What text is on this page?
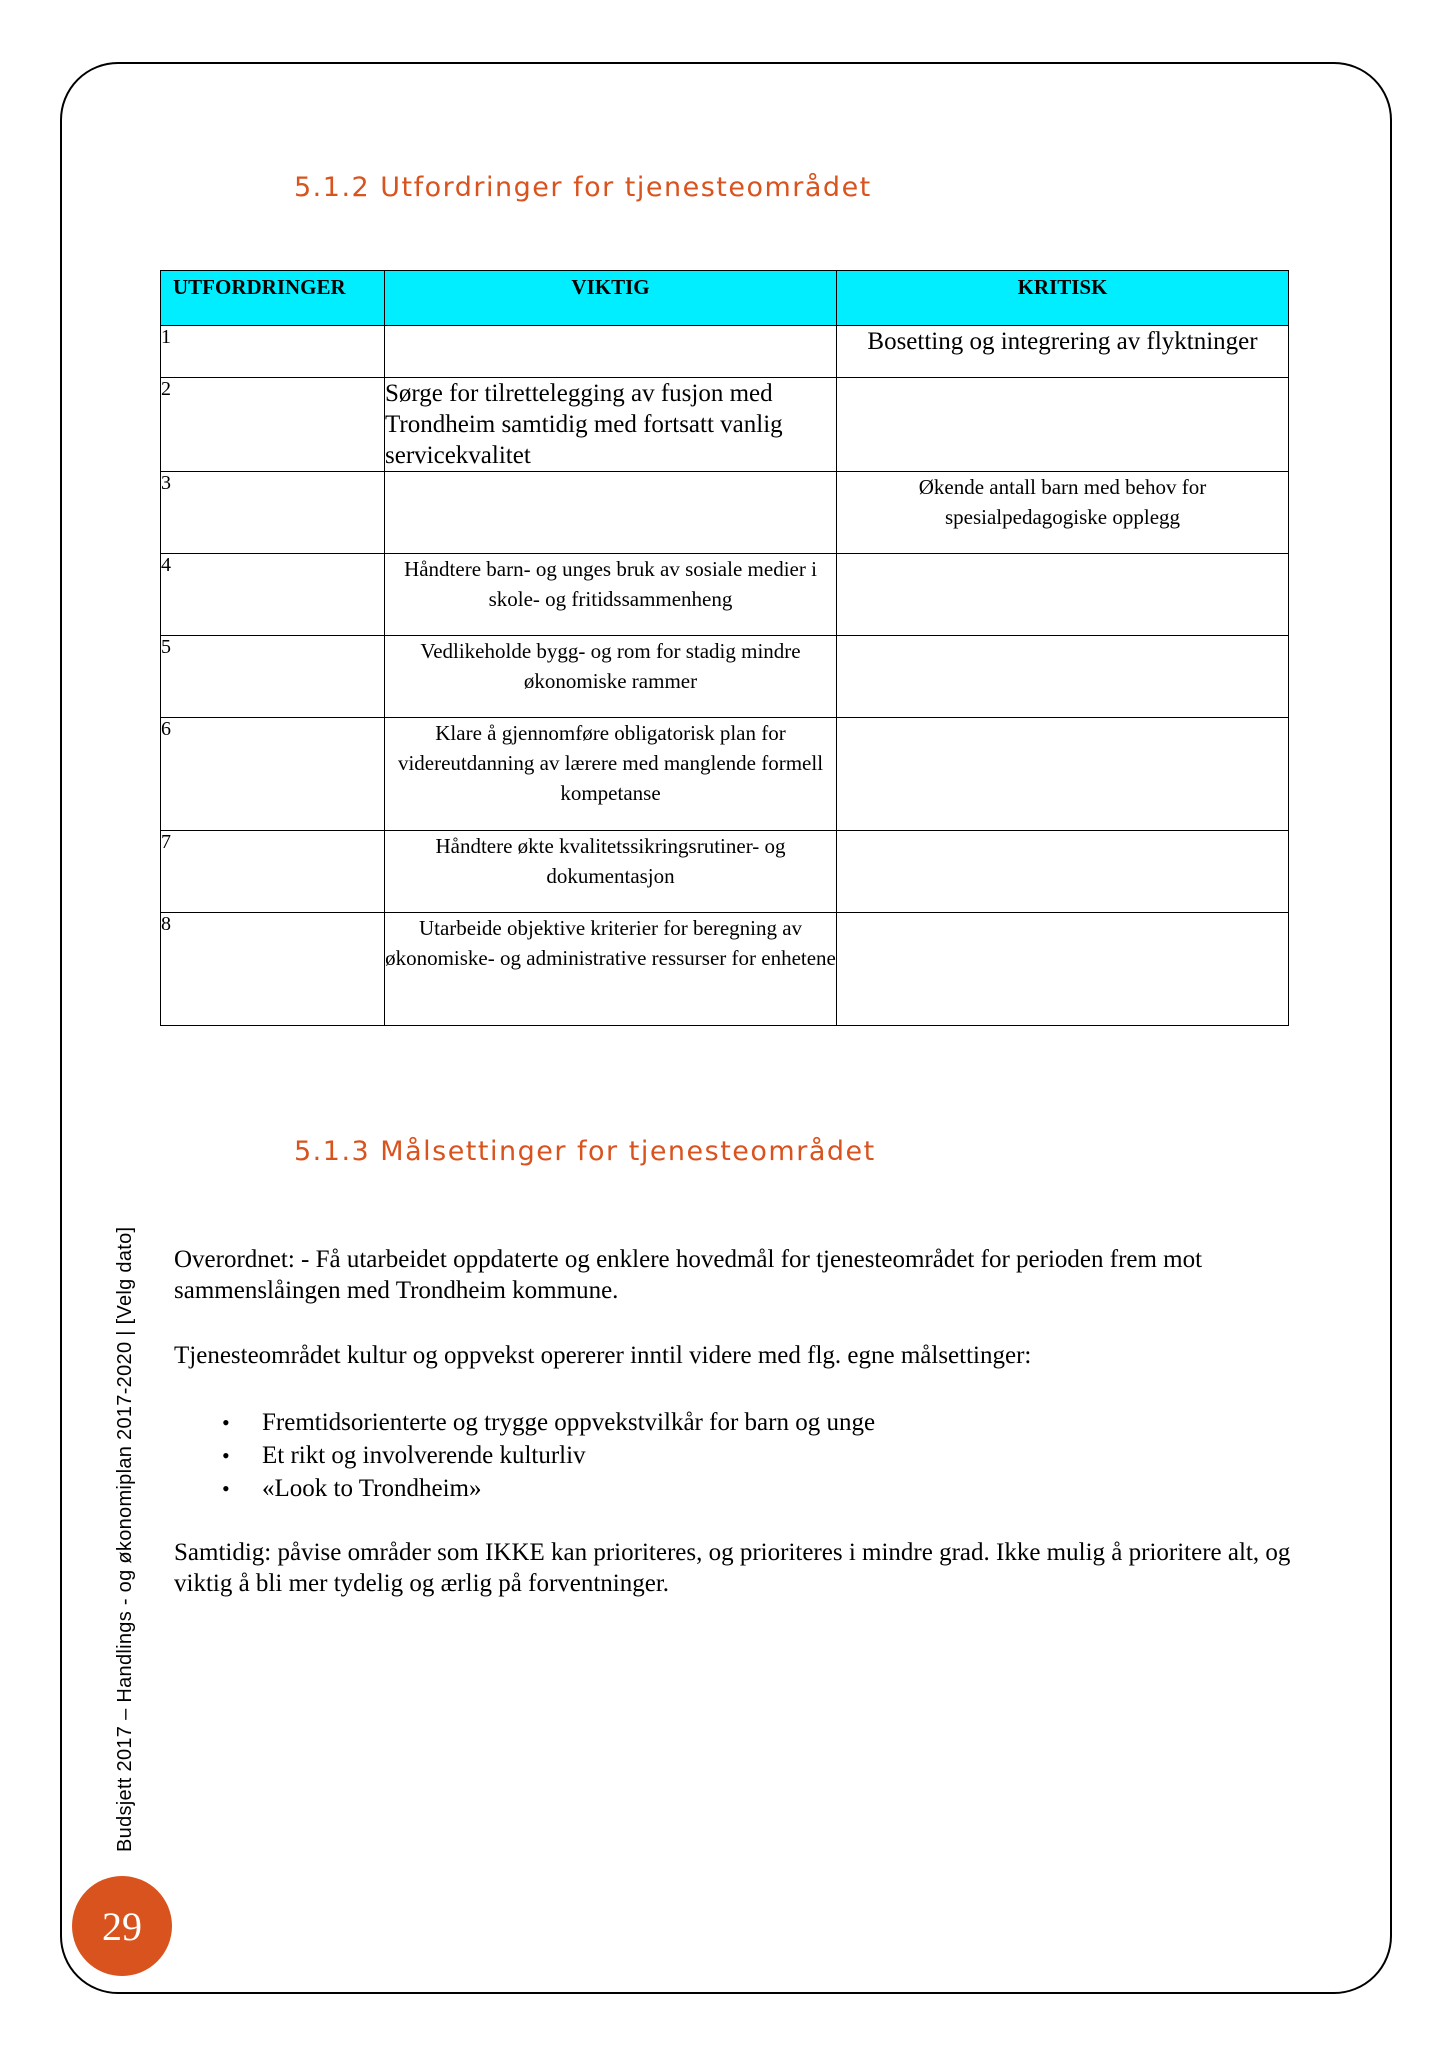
5.1.2 Utfordringer for tjenesteområdet
UTFORDRINGER	VIKTIG	KRITISK
1		Bosetting og integrering av flyktninger
2	Sørge for tilrettelegging av fusjon med Trondheim samtidig med fortsatt vanlig servicekvalitet	
3		Økende antall barn med behov for spesialpedagogiske opplegg
4	Håndtere barn- og unges bruk av sosiale medier i skole- og fritidssammenheng	
5	Vedlikeholde bygg- og rom for stadig mindre økonomiske rammer	
6	Klare å gjennomføre obligatorisk plan for videreutdanning av lærere med manglende formell kompetanse	
7	Håndtere økte kvalitetssikringsrutiner- og dokumentasjon	
8	Utarbeide objektive kriterier for beregning av økonomiske- og administrative ressurser for enhetene	
5.1.3 Målsettinger for tjenesteområdet

Overordnet: - Få utarbeidet oppdaterte og enklere hovedmål for tjenesteområdet for perioden frem mot sammenslåingen med Trondheim kommune.

Tjenesteområdet kultur og oppvekst opererer inntil videre med flg. egne målsettinger:

• Fremtidsorienterte og trygge oppvekstvilkår for barn og unge
• Et rikt og involverende kulturliv
• «Look to Trondheim»

Samtidig: påvise områder som IKKE kan prioriteres, og prioriteres i mindre grad. Ikke mulig å prioritere alt, og viktig å bli mer tydelig og ærlig på forventninger.

Budsjett 2017 – Handlings - og økonomiplan 2017-2020 | [Velg dato]
29
